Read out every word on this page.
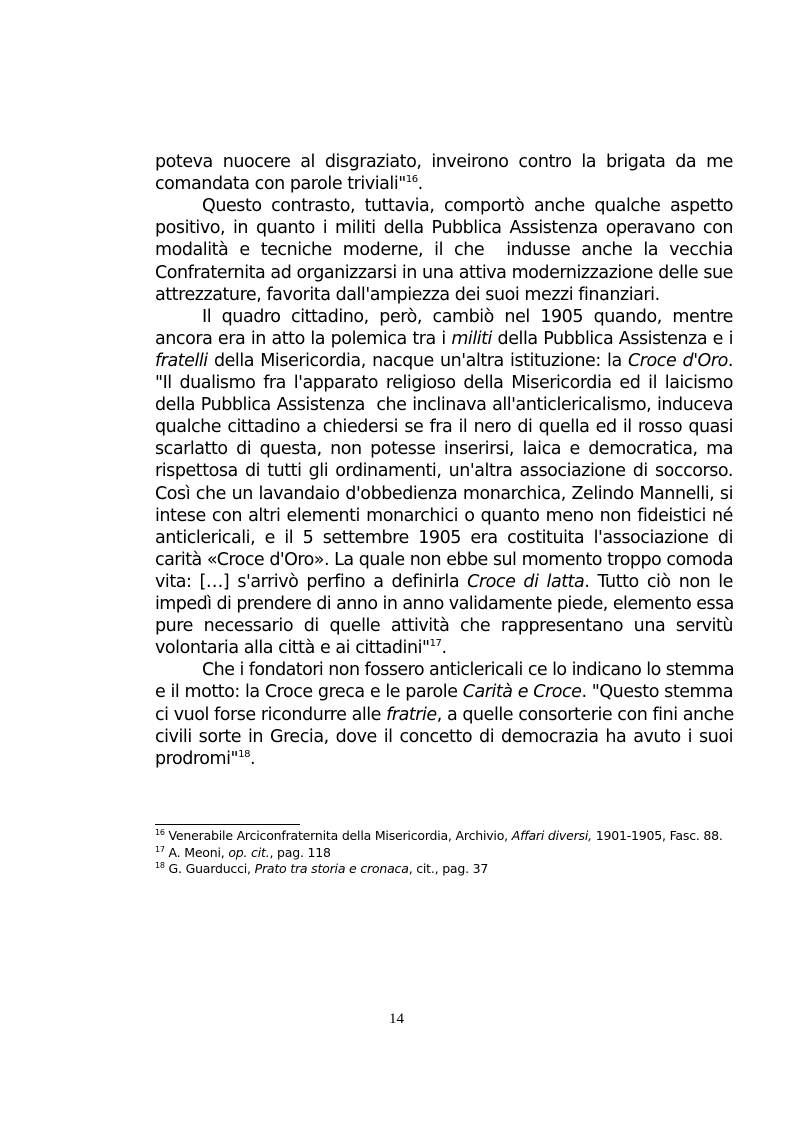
poteva nuocere al disgraziato, inveirono contro la brigata da me
comandata con parole triviali"$^{16}$.
Questo contrasto, tuttavia, comportò anche qualche aspetto
positivo, in quanto i militi della Pubblica Assistenza operavano con
modalità e tecniche moderne, il che  indusse anche la vecchia
Confraternita ad organizzarsi in una attiva modernizzazione delle sue
attrezzature, favorita dall'ampiezza dei suoi mezzi finanziari.
Il quadro cittadino, però, cambiò nel 1905 quando, mentre
ancora era in atto la polemica tra i militi della Pubblica Assistenza e i
fratelli della Misericordia, nacque un'altra istituzione: la Croce d'Oro.
"Il dualismo fra l'apparato religioso della Misericordia ed il laicismo
della Pubblica Assistenza  che inclinava all'anticlericalismo, induceva
qualche cittadino a chiedersi se fra il nero di quella ed il rosso quasi
scarlatto di questa, non potesse inserirsi, laica e democratica, ma
rispettosa di tutti gli ordinamenti, un'altra associazione di soccorso.
Così che un lavandaio d'obbedienza monarchica, Zelindo Mannelli, si
intese con altri elementi monarchici o quanto meno non fideistici né
anticlericali, e il 5 settembre 1905 era costituita l'associazione di
carità «Croce d'Oro». La quale non ebbe sul momento troppo comoda
vita: […] s'arrivò perfino a definirla Croce di latta. Tutto ciò non le
impedì di prendere di anno in anno validamente piede, elemento essa
pure necessario di quelle attività che rappresentano una servitù
volontaria alla città e ai cittadini"$^{17}$.
Che i fondatori non fossero anticlericali ce lo indicano lo stemma
e il motto: la Croce greca e le parole Carità e Croce. "Questo stemma
ci vuol forse ricondurre alle fratrie, a quelle consorterie con fini anche
civili sorte in Grecia, dove il concetto di democrazia ha avuto i suoi
prodromi"$^{18}$.
$^{16}$ Venerabile Arciconfraternita della Misericordia, Archivio, Affari diversi, 1901-1905, Fasc. 88.
$^{17}$ A. Meoni, op. cit., pag. 118
$^{18}$ G. Guarducci, Prato tra storia e cronaca, cit., pag. 37
14
